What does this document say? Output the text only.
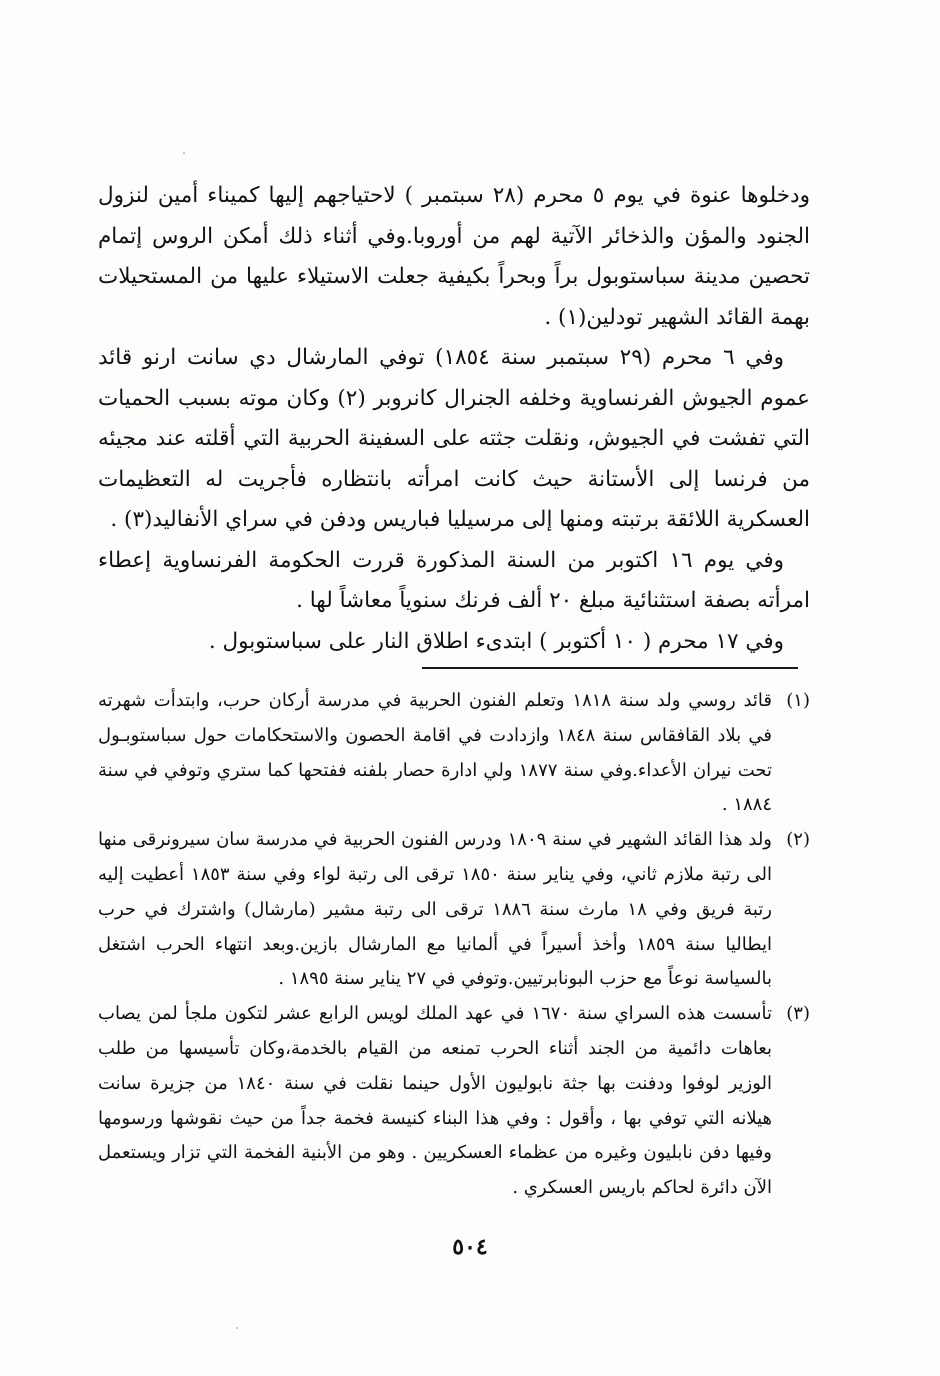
ودخلوها عنوة في يوم ٥ محرم (٢٨ سبتمبر ) لاحتياجهم إليها كميناء أمين لنزول الجنود والمؤن والذخائر الآتية لهم من أوروبا.وفي أثناء ذلك أمكن الروس إتمام تحصين مدينة سباستوبول براً وبحراً بكيفية جعلت الاستيلاء عليها من المستحيلات بهمة القائد الشهير تودلين(١) .

وفي ٦ محرم (٢٩ سبتمبر سنة ١٨٥٤) توفي المارشال دي سانت ارنو قائد عموم الجيوش الفرنساوية وخلفه الجنرال كانروبر (٢) وكان موته بسبب الحميات التي تفشت في الجيوش، ونقلت جثته على السفينة الحربية التي أقلته عند مجيئه من فرنسا إلى الأستانة حيث كانت امرأته بانتظاره فأجريت له التعظيمات العسكرية اللائقة برتبته ومنها إلى مرسيليا فباريس ودفن في سراي الأنفاليد(٣) .

وفي يوم ١٦ اكتوبر من السنة المذكورة قررت الحكومة الفرنساوية إعطاء امرأته بصفة استثنائية مبلغ ٢٠ ألف فرنك سنوياً معاشاً لها .

وفي ١٧ محرم ( ١٠ أكتوبر ) ابتدىء اطلاق النار على سباستوبول .

(١)
قائد روسي ولد سنة ١٨١٨ وتعلم الفنون الحربية في مدرسة أركان حرب، وابتدأت شهرته في بلاد القافقاس سنة ١٨٤٨ وازدادت في اقامة الحصون والاستحكامات حول سباستوبـول تحت نيران الأعداء.وفي سنة ١٨٧٧ ولي ادارة حصار بلفنه ففتحها كما ستري وتوفي في سنة ١٨٨٤ .
(٢)
ولد هذا القائد الشهير في سنة ١٨٠٩ ودرس الفنون الحربية في مدرسة سان سيرونرقى منها الى رتبة ملازم ثاني، وفي يناير سنة ١٨٥٠ ترقى الى رتبة لواء وفي سنة ١٨٥٣ أعطيت إليه رتبة فريق وفي ١٨ مارث سنة ١٨٨٦ ترقى الى رتبة مشير (مارشال) واشترك في حرب ايطاليا سنة ١٨٥٩ وأخذ أسيراً في ألمانيا مع المارشال بازين.وبعد انتهاء الحرب اشتغل بالسياسة نوعاً مع حزب البونابرتيين.وتوفي في ٢٧ يناير سنة ١٨٩٥ .
(٣)
تأسست هذه السراي سنة ١٦٧٠ في عهد الملك لويس الرابع عشر لتكون ملجأ لمن يصاب بعاهات دائمية من الجند أثناء الحرب تمنعه من القيام بالخدمة،وكان تأسيسها من طلب الوزير لوفوا ودفنت بها جثة نابوليون الأول حينما نقلت في سنة ١٨٤٠ من جزيرة سانت هيلانه التي توفي بها ، وأقول : وفي هذا البناء كنيسة فخمة جداً من حيث نقوشها ورسومها وفيها دفن نابليون وغيره من عظماء العسكريين . وهو من الأبنية الفخمة التي تزار ويستعمل الآن دائرة لحاكم باريس العسكري .
٥٠٤
